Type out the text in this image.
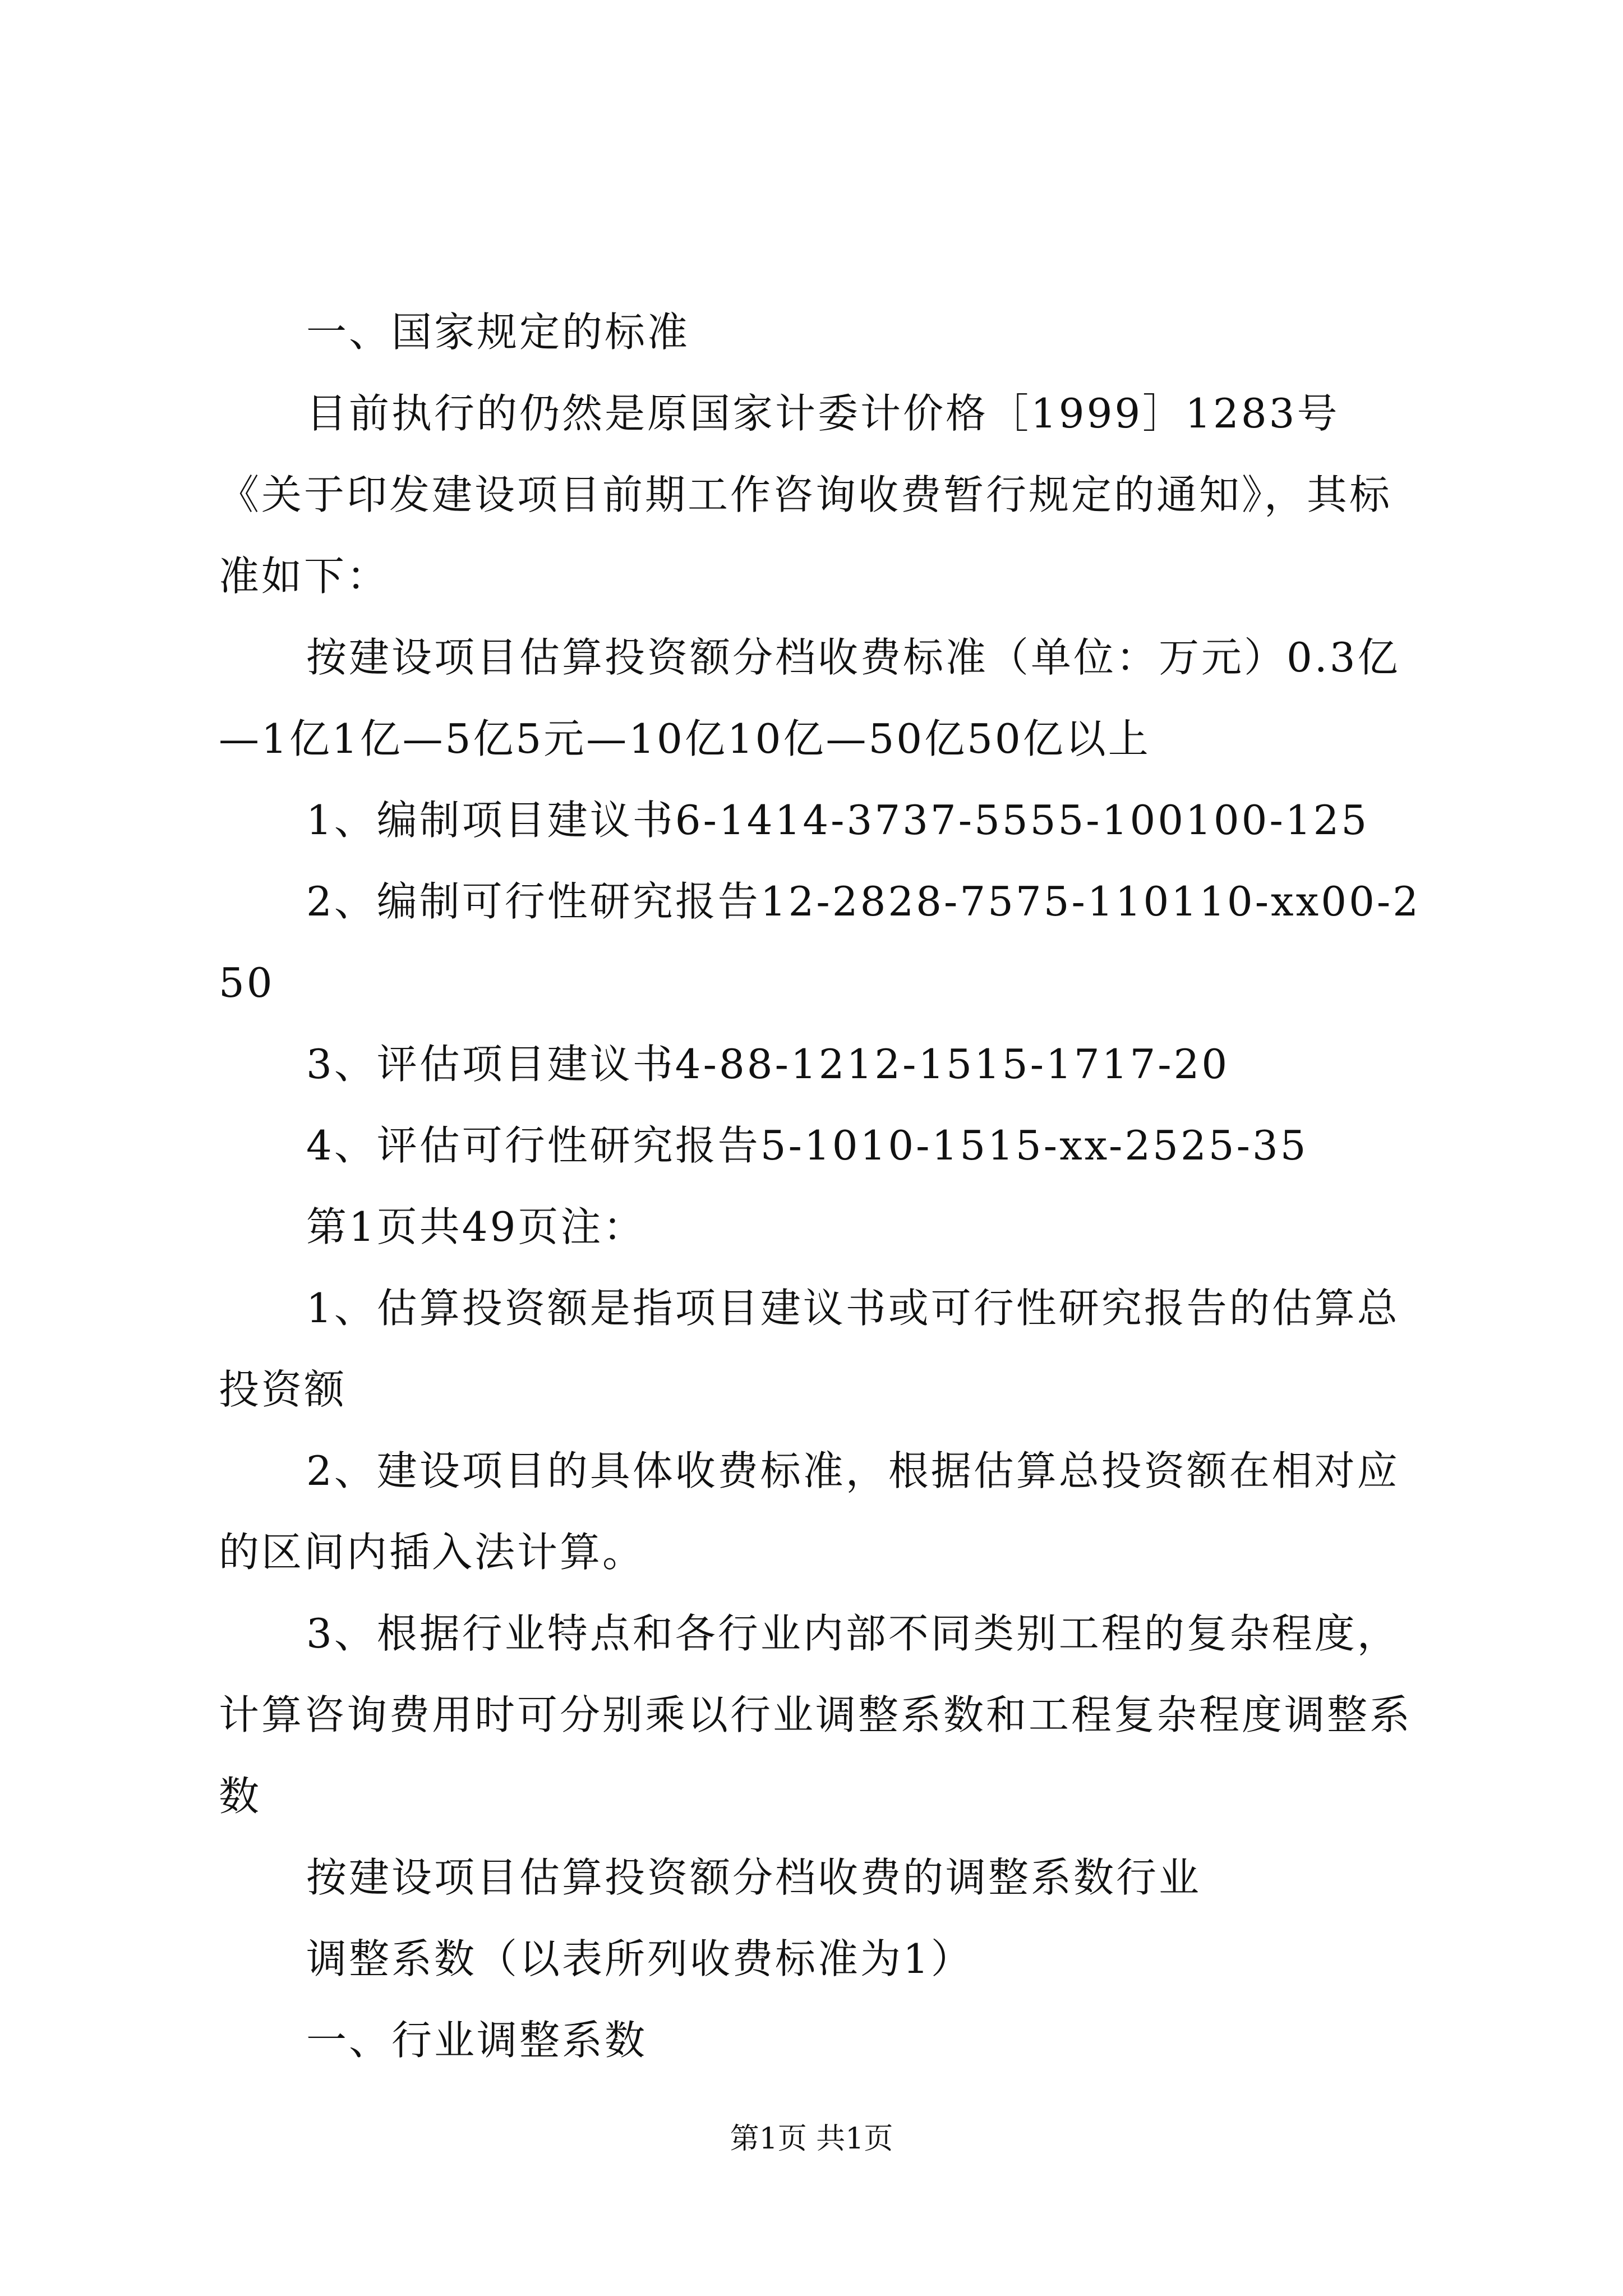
一、国家规定的标准

目前执行的仍然是原国家计委计价格［1999］1283号《关于印发建设项目前期工作咨询收费暂行规定的通知》，其标准如下：

按建设项目估算投资额分档收费标准（单位：万元）0.3亿—1亿1亿—5亿5元—10亿10亿—50亿50亿以上

1、编制项目建议书6-1414-3737-5555-100100-125

2、编制可行性研究报告12-2828-7575-110110-xx00-250

3、评估项目建议书4-88-1212-1515-1717-20

4、评估可行性研究报告5-1010-1515-xx-2525-35

第1页共49页注：

1、估算投资额是指项目建议书或可行性研究报告的估算总投资额

2、建设项目的具体收费标准，根据估算总投资额在相对应的区间内插入法计算。

3、根据行业特点和各行业内部不同类别工程的复杂程度，计算咨询费用时可分别乘以行业调整系数和工程复杂程度调整系数

按建设项目估算投资额分档收费的调整系数行业

调整系数（以表所列收费标准为1）

一、行业调整系数

第1页 共1页
